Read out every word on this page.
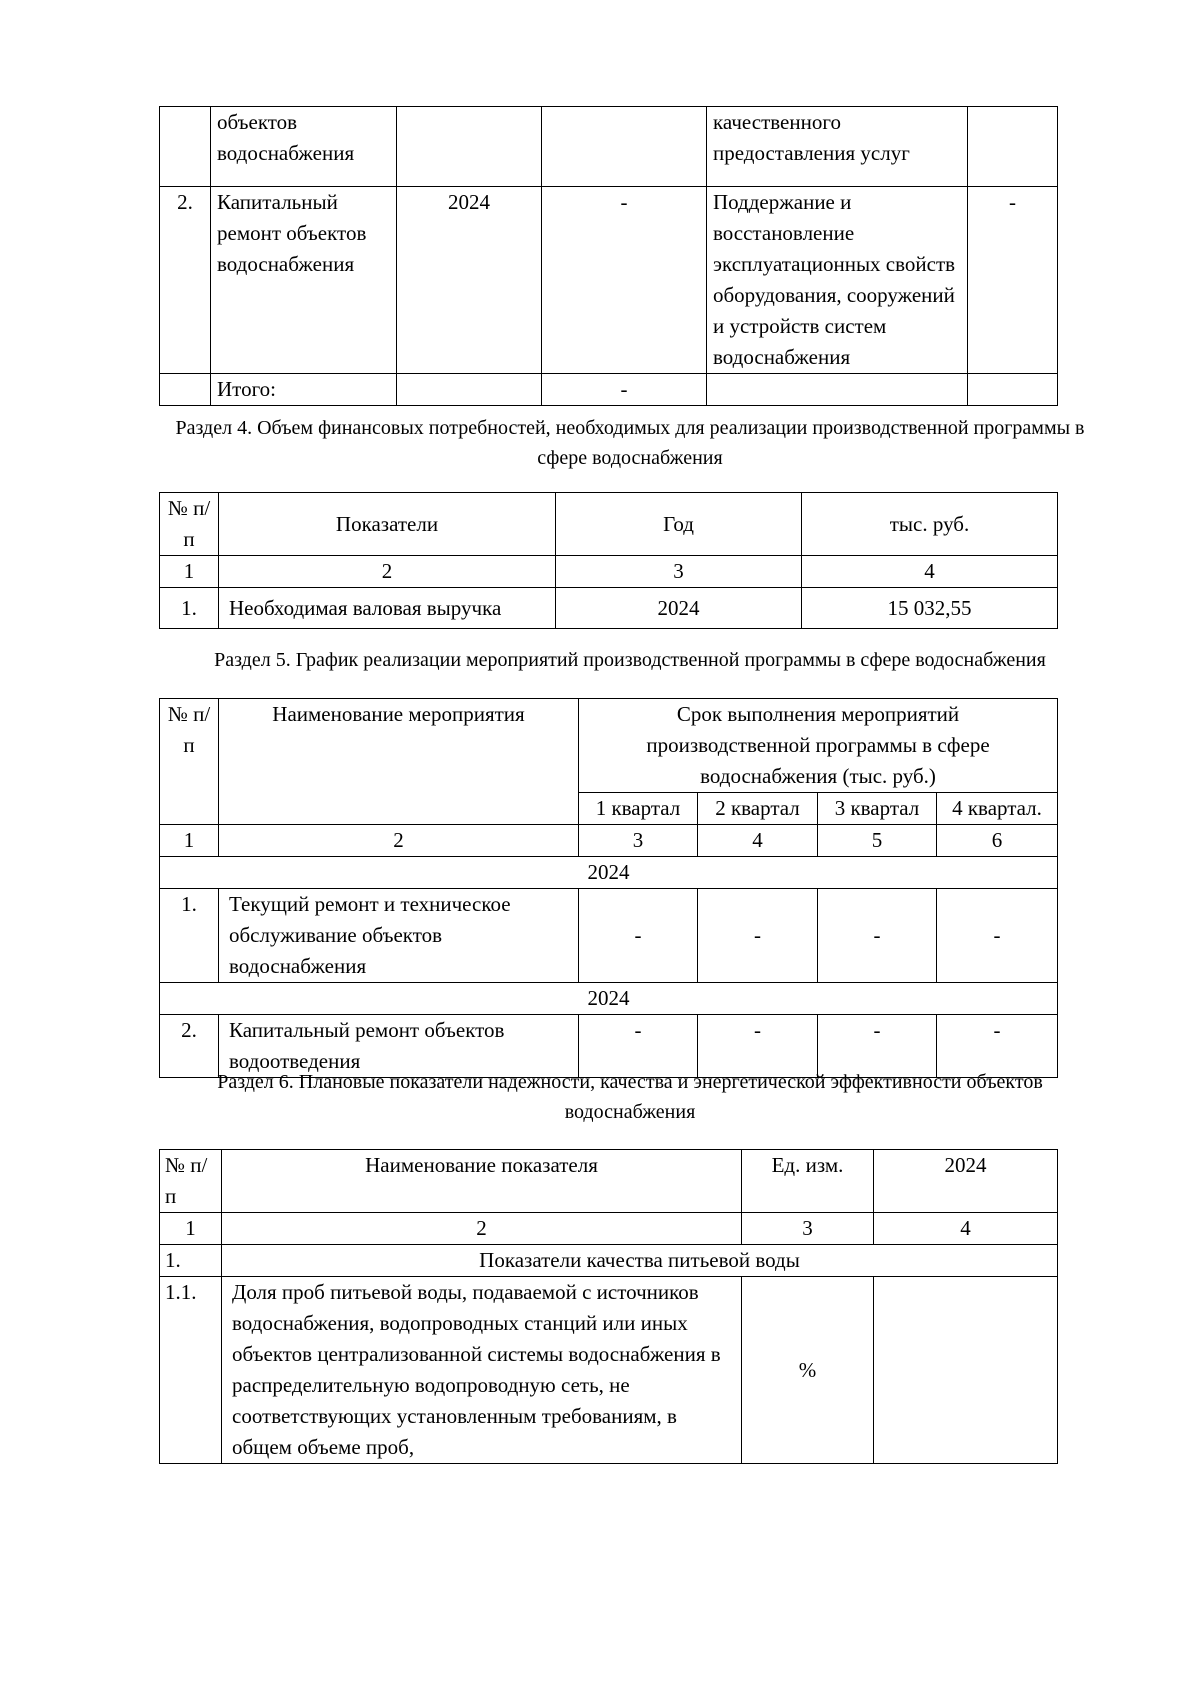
	объектов водоснабжения			качественного предоставления услуг	
2.	Капитальный ремонт объектов водоснабжения	2024	-	Поддержание и восстановление эксплуатационных свойств оборудования, сооружений и устройств систем водоснабжения	-
	Итого:		-		
Раздел 4. Объем финансовых потребностей, необходимых для реализации производственной программы в сфере водоснабжения
№ п/п	Показатели	Год	тыс. руб.
1	2	3	4
1.	Необходимая валовая выручка	2024	15 032,55
Раздел 5. График реализации мероприятий производственной программы в сфере водоснабжения
№ п/п	Наименование мероприятия	Срок выполнения мероприятий производственной программы в сфере водоснабжения (тыс. руб.)			
		1 квартал	2 квартал	3 квартал	4 квартал.
1	2	3	4	5	6
2024					
1.	Текущий ремонт и техническое обслуживание объектов водоснабжения	-	-	-	-
2024					
2.	Капитальный ремонт объектов водоотведения	-	-	-	-
Раздел 6. Плановые показатели надежности, качества и энергетической эффективности объектов водоснабжения
№ п/п	Наименование показателя	Ед. изм.	2024
1	2	3	4
1.	Показатели качества питьевой воды		
1.1.	Доля проб питьевой воды, подаваемой с источников водоснабжения, водопроводных станций или иных объектов централизованной системы водоснабжения в распределительную водопроводную сеть, не соответствующих установленным требованиям, в общем объеме проб,	%	
